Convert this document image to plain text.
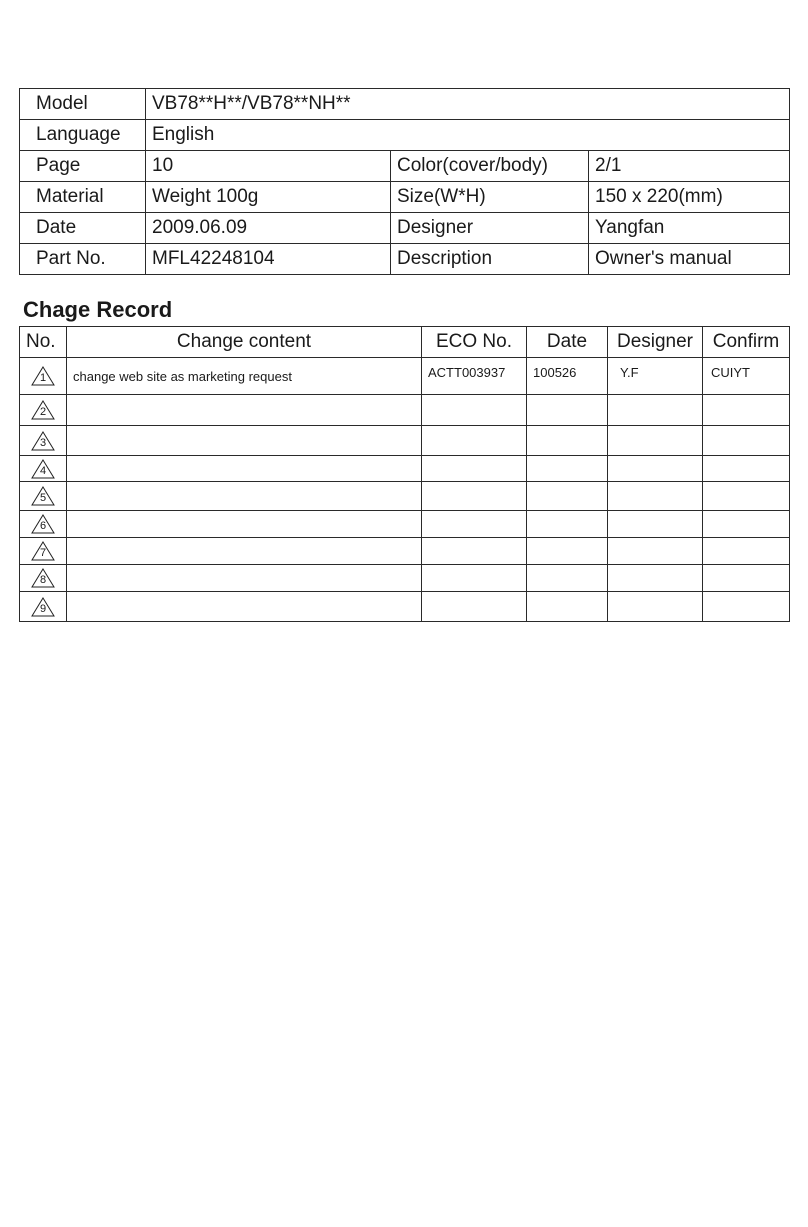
Model	VB78**H**/VB78**NH**		
Language	English		
Page	10	Color(cover/body)	2/1
Material	Weight 100g	Size(W*H)	150 x 220(mm)
Date	2009.06.09	Designer	Yangfan
Part No.	MFL42248104	Description	Owner's manual
Chage Record
No.	Change content	ECO No.	Date	Designer	Confirm

1	change web site as marketing request	ACTT003937	100526	Y.F	CUIYT

2					

3					

4					

5					

6					

7					

8					

9					
